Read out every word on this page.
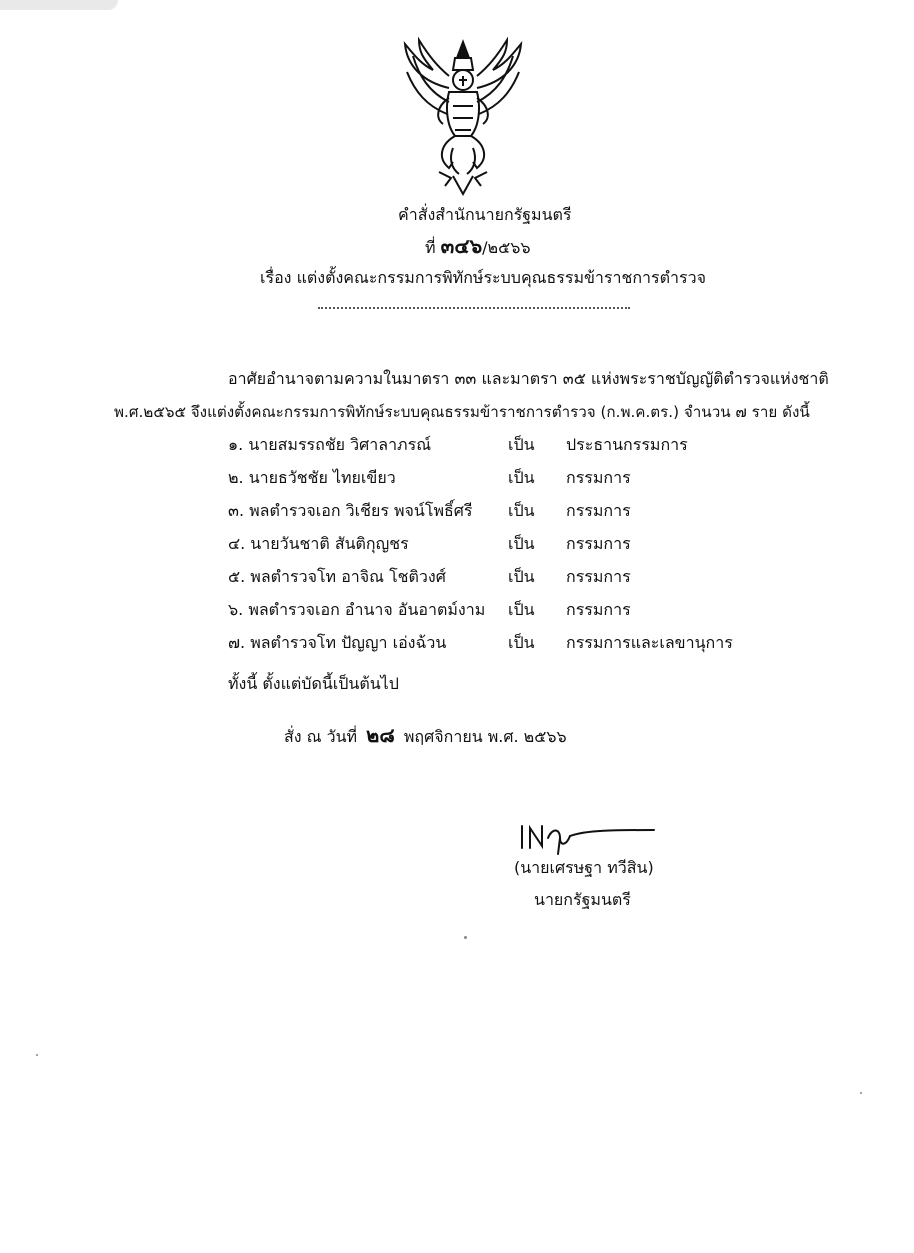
คำสั่งสำนักนายกรัฐมนตรี
ที่ ๓๔๖/๒๕๖๖
เรื่อง แต่งตั้งคณะกรรมการพิทักษ์ระบบคุณธรรมข้าราชการตำรวจ
อาศัยอำนาจตามความในมาตรา ๓๓ และมาตรา ๓๕ แห่งพระราชบัญญัติตำรวจแห่งชาติ
พ.ศ.๒๕๖๕ จึงแต่งตั้งคณะกรรมการพิทักษ์ระบบคุณธรรมข้าราชการตำรวจ (ก.พ.ค.ตร.) จำนวน ๗ ราย ดังนี้
๑. นายสมรรถชัย วิศาลาภรณ์	เป็น ประธานกรรมการ
๒. นายธวัชชัย ไทยเขียว	เป็น กรรมการ
๓. พลตำรวจเอก วิเชียร พจน์โพธิ์ศรี เป็น กรรมการ
๔. นายวันชาติ สันติกุญชร	เป็น กรรมการ
๕. พลตำรวจโท อาจิณ โชติวงศ์	เป็น กรรมการ
๖. พลตำรวจเอก อำนาจ อันอาตม์งาม เป็น กรรมการ
๗. พลตำรวจโท ปัญญา เอ่งฉ้วน	เป็น กรรมการและเลขานุการ
ทั้งนี้ ตั้งแต่บัดนี้เป็นต้นไป
สั่ง ณ วันที่ ๒๘ พฤศจิกายน พ.ศ. ๒๕๖๖
(นายเศรษฐา ทวีสิน)
นายกรัฐมนตรี
